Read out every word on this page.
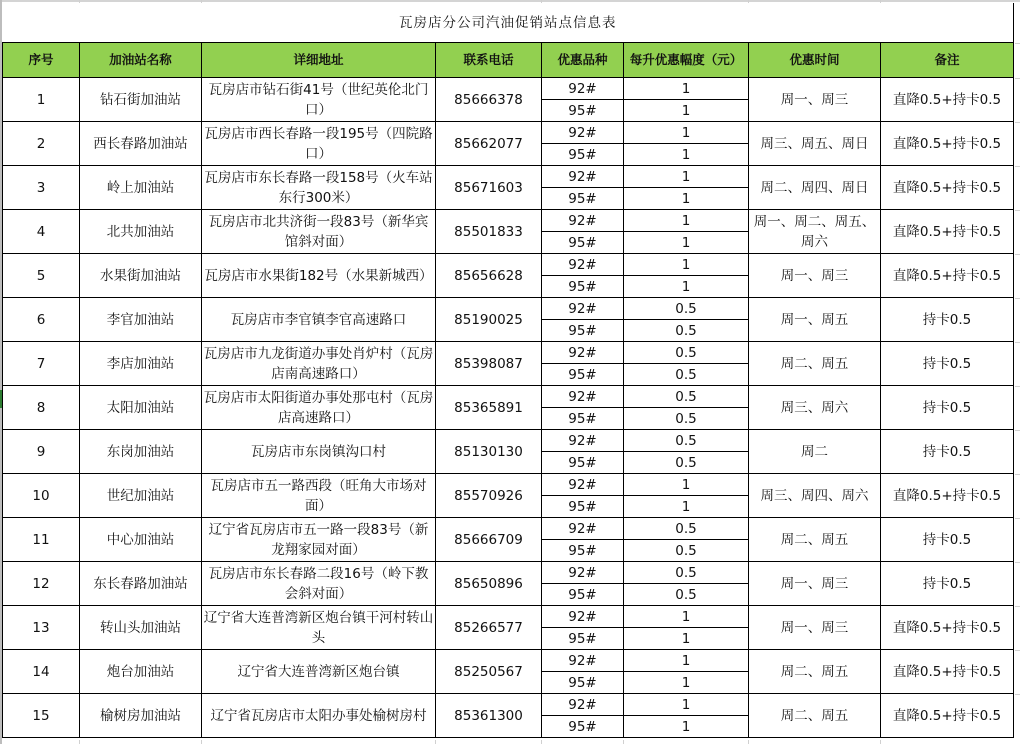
瓦房店分公司汽油促销站点信息表							
序号	加油站名称	详细地址	联系电话	优惠品种	每升优惠幅度（元）	优惠时间	备注
1	钻石街加油站	瓦房店市钻石街41号（世纪英伦北门口）	85666378	92#	1	周一、周三	直降0.5+持卡0.5
				95#	1		
2	西长春路加油站	瓦房店市西长春路一段195号（四院路口）	85662077	92#	1	周三、周五、周日	直降0.5+持卡0.5
				95#	1		
3	岭上加油站	瓦房店市东长春路一段158号（火车站东行300米）	85671603	92#	1	周二、周四、周日	直降0.5+持卡0.5
				95#	1		
4	北共加油站	瓦房店市北共济街一段83号（新华宾馆斜对面）	85501833	92#	1	周一、周二、周五、周六	直降0.5+持卡0.5
				95#	1		
5	水果街加油站	瓦房店市水果街182号（水果新城西）	85656628	92#	1	周一、周三	直降0.5+持卡0.5
				95#	1		
6	李官加油站	瓦房店市李官镇李官高速路口	85190025	92#	0.5	周一、周五	持卡0.5
				95#	0.5		
7	李店加油站	瓦房店市九龙街道办事处肖炉村（瓦房店南高速路口）	85398087	92#	0.5	周二、周五	持卡0.5
				95#	0.5		
8	太阳加油站	瓦房店市太阳街道办事处那屯村（瓦房店高速路口）	85365891	92#	0.5	周三、周六	持卡0.5
				95#	0.5		
9	东岗加油站	瓦房店市东岗镇沟口村	85130130	92#	0.5	周二	持卡0.5
				95#	0.5		
10	世纪加油站	瓦房店市五一路西段（旺角大市场对面）	85570926	92#	1	周三、周四、周六	直降0.5+持卡0.5
				95#	1		
11	中心加油站	辽宁省瓦房店市五一路一段83号（新龙翔家园对面）	85666709	92#	0.5	周二、周五	持卡0.5
				95#	0.5		
12	东长春路加油站	瓦房店市东长春路二段16号（岭下教会斜对面）	85650896	92#	0.5	周一、周三	持卡0.5
				95#	0.5		
13	转山头加油站	辽宁省大连普湾新区炮台镇干河村转山头	85266577	92#	1	周一、周三	直降0.5+持卡0.5
				95#	1		
14	炮台加油站	辽宁省大连普湾新区炮台镇	85250567	92#	1	周二、周五	直降0.5+持卡0.5
				95#	1		
15	榆树房加油站	辽宁省瓦房店市太阳办事处榆树房村	85361300	92#	1	周二、周五	直降0.5+持卡0.5
				95#	1		
